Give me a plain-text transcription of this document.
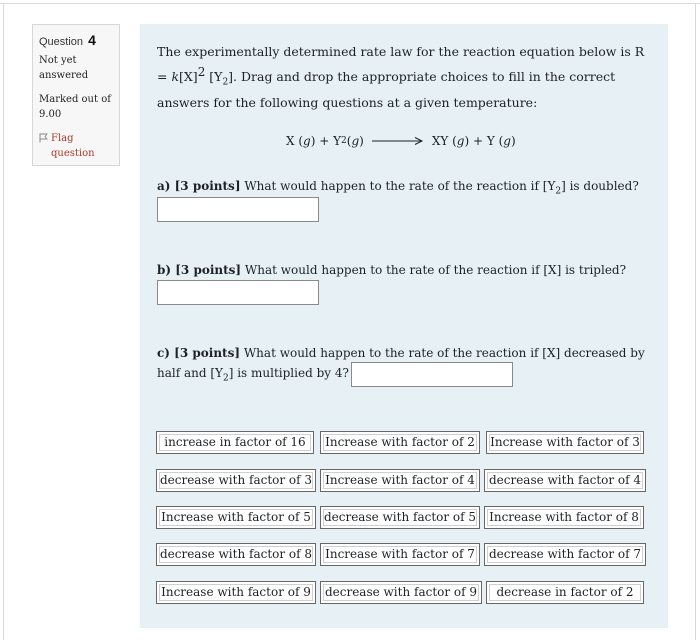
Question 4
Not yet answered
Marked out of 9.00
Flag question
The experimentally determined rate law for the reaction equation below is $R = k[X]^2$ $[Y_2]$. Drag and drop the appropriate choices to fill in the correct answers for the following questions at a given temperature:
X ( g ) + Y 2 ( g )	XY ( g ) + Y ( g )
a) [3 points] What would happen to the rate of the reaction if $[Y_2]$ is doubled?
b) [3 points] What would happen to the rate of the reaction if [X] is tripled?
c) [3 points] What would happen to the rate of the reaction if [X] decreased by half and $[Y_2]$ is multiplied by 4?
increase in factor of 16	Increase with factor of 2	Increase with factor of 3
decrease with factor of 3	Increase with factor of 4	decrease with factor of 4
Increase with factor of 5	decrease with factor of 5	Increase with factor of 8
decrease with factor of 8	Increase with factor of 7	decrease with factor of 7
Increase with factor of 9	decrease with factor of 9	decrease in factor of 2
